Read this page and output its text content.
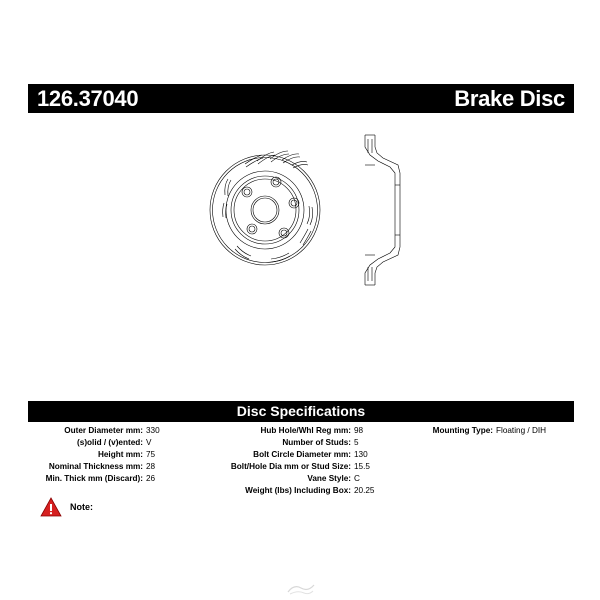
126.37040	Brake Disc
Disc Specifications
Outer Diameter mm: 330
(s)olid / (v)ented: V
Height mm: 75
Nominal Thickness mm: 28
Min. Thick mm (Discard): 26
Hub Hole/Whl Reg mm: 98
Number of Studs: 5
Bolt Circle Diameter mm: 130
Bolt/Hole Dia mm or Stud Size: 15.5
Vane Style: C
Weight (lbs) Including Box: 20.25
Mounting Type: Floating / DIH
Note:
